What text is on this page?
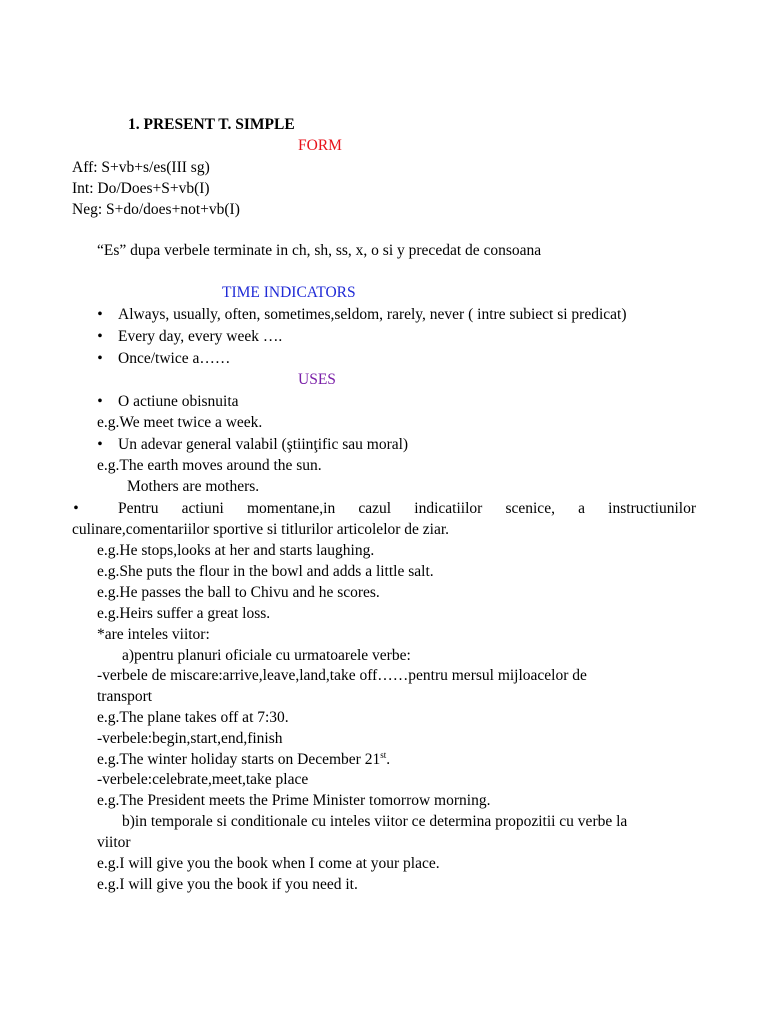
1. PRESENT T. SIMPLE
FORM
Aff: S+vb+s/es(III sg)
Int: Do/Does+S+vb(I)
Neg: S+do/does+not+vb(I)
“Es” dupa verbele terminate in ch, sh, ss, x, o si y precedat de consoana
TIME INDICATORS
• Always, usually, often, sometimes,seldom, rarely, never ( intre subiect si predicat)
• Every day, every week ….
• Once/twice a……
USES
• O actiune obisnuita
e.g.We meet twice a week.
• Un adevar general valabil (ştiinţific sau moral)
e.g.The earth moves around the sun.
Mothers are mothers.
•	Pentru actiuni momentane,in cazul indicatiilor scenice, a instructiunilor
culinare,comentariilor sportive si titlurilor articolelor de ziar.
e.g.He stops,looks at her and starts laughing.
e.g.She puts the flour in the bowl and adds a little salt.
e.g.He passes the ball to Chivu and he scores.
e.g.Heirs suffer a great loss.
*are inteles viitor:
a)pentru planuri oficiale cu urmatoarele verbe:
-verbele de miscare:arrive,leave,land,take off……pentru mersul mijloacelor de
transport
e.g.The plane takes off at 7:30.
-verbele:begin,start,end,finish
e.g.The winter holiday starts on December 21st.
-verbele:celebrate,meet,take place
e.g.The President meets the Prime Minister tomorrow morning.
b)in temporale si conditionale cu inteles viitor ce determina propozitii cu verbe la
viitor
e.g.I will give you the book when I come at your place.
e.g.I will give you the book if you need it.
